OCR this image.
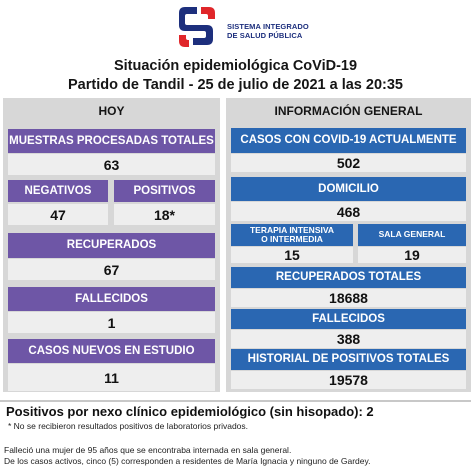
SISTEMA INTEGRADO
DE SALUD PÚBLICA
Situación epidemiológica CoViD-19
Partido de Tandil - 25 de julio de 2021 a las 20:35
HOY	INFORMACIÓN GENERAL
MUESTRAS PROCESADAS TOTALES
63
NEGATIVOS
47
POSITIVOS
18*
RECUPERADOS
67
FALLECIDOS
1
CASOS NUEVOS EN ESTUDIO
11
CASOS CON COVID-19 ACTUALMENTE
502
DOMICILIO
468
TERAPIA INTENSIVA
O INTERMEDIA
15
SALA GENERAL
19
RECUPERADOS TOTALES
18688
FALLECIDOS
388
HISTORIAL DE POSITIVOS TOTALES
19578
Positivos por nexo clínico epidemiológico (sin hisopado): 2
* No se recibieron resultados positivos de laboratorios privados.
Falleció una mujer de 95 años que se encontraba internada en sala general.
De los casos activos, cinco (5) corresponden a residentes de María Ignacia y ninguno de Gardey.
